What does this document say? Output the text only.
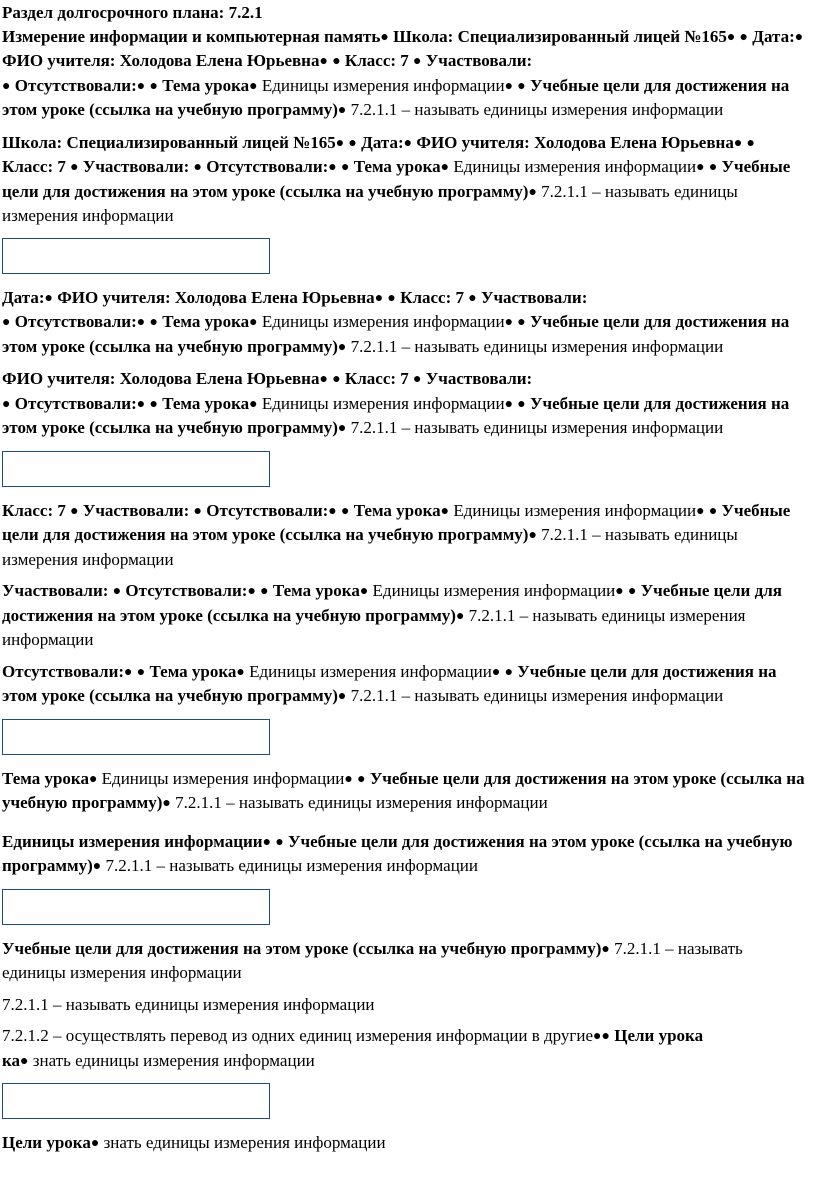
Раздел долгосрочного плана: 7.2.1
Измерение информации и компьютерная память● Школа: Специализированный лицей №165● ● Дата:● ФИО учителя: Холодова Елена Юрьевна● ● Класс: 7 ● Участвовали:
● Отсутствовали:● ● Тема урока● Единицы измерения информации● ● Учебные цели для достижения на этом уроке (ссылка на учебную программу)● 7.2.1.1 – называть единицы измерения информации

Школа: Специализированный лицей №165● ● Дата:● ФИО учителя: Холодова Елена Юрьевна● ● Класс: 7 ● Участвовали: ● Отсутствовали:● ● Тема урока● Единицы измерения информации● ● Учебные цели для достижения на этом уроке (ссылка на учебную программу)● 7.2.1.1 – называть единицы измерения информации

Дата:● ФИО учителя: Холодова Елена Юрьевна● ● Класс: 7 ● Участвовали:
● Отсутствовали:● ● Тема урока● Единицы измерения информации● ● Учебные цели для достижения на этом уроке (ссылка на учебную программу)● 7.2.1.1 – называть единицы измерения информации

ФИО учителя: Холодова Елена Юрьевна● ● Класс: 7 ● Участвовали:
● Отсутствовали:● ● Тема урока● Единицы измерения информации● ● Учебные цели для достижения на этом уроке (ссылка на учебную программу)● 7.2.1.1 – называть единицы измерения информации

Класс: 7 ● Участвовали: ● Отсутствовали:● ● Тема урока● Единицы измерения информации● ● Учебные цели для достижения на этом уроке (ссылка на учебную программу)● 7.2.1.1 – называть единицы измерения информации

Участвовали: ● Отсутствовали:● ● Тема урока● Единицы измерения информации● ● Учебные цели для достижения на этом уроке (ссылка на учебную программу)● 7.2.1.1 – называть единицы измерения информации

Отсутствовали:● ● Тема урока● Единицы измерения информации● ● Учебные цели для достижения на этом уроке (ссылка на учебную программу)● 7.2.1.1 – называть единицы измерения информации

Тема урока● Единицы измерения информации● ● Учебные цели для достижения на этом уроке (ссылка на учебную программу)● 7.2.1.1 – называть единицы измерения информации

Единицы измерения информации● ● Учебные цели для достижения на этом уроке (ссылка на учебную программу)● 7.2.1.1 – называть единицы измерения информации

Учебные цели для достижения на этом уроке (ссылка на учебную программу)● 7.2.1.1 – называть единицы измерения информации

7.2.1.1 – называть единицы измерения информации

7.2.1.2 – осуществлять перевод из одних единиц измерения информации в другие●● Цели урока
ка● знать единицы измерения информации

Цели урока● знать единицы измерения информации
